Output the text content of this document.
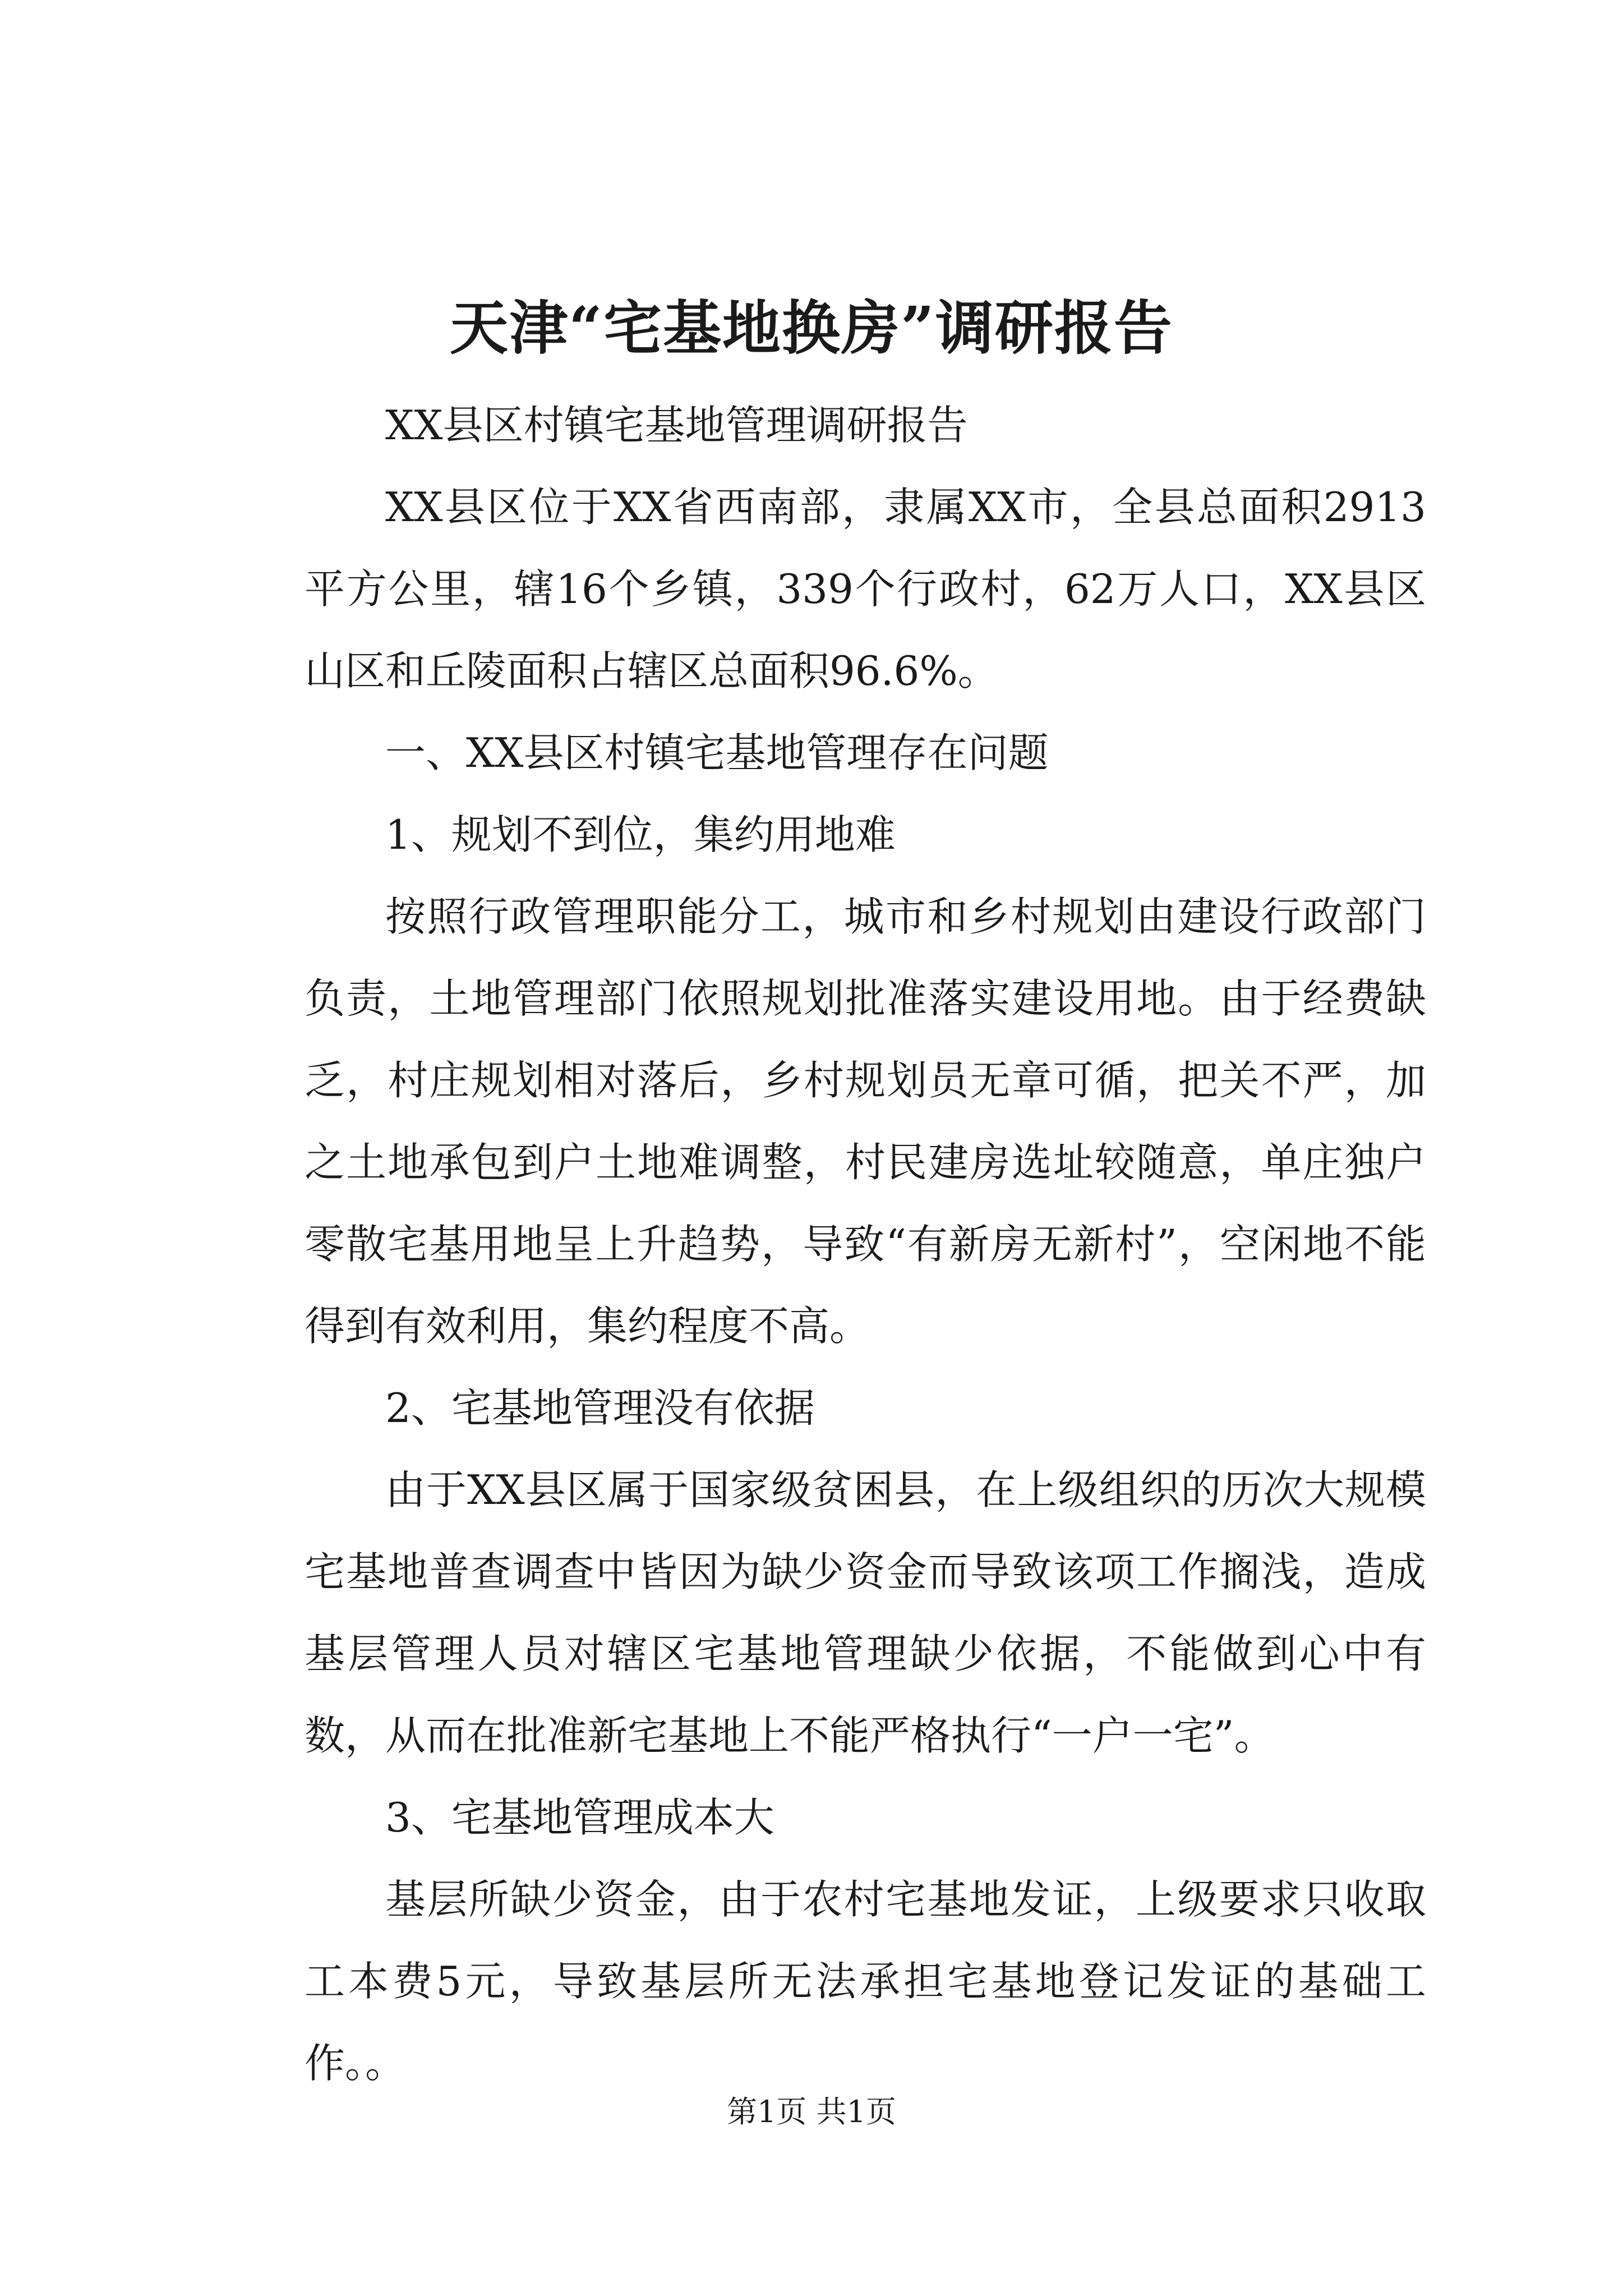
天津“宅基地换房”调研报告

XX县区村镇宅基地管理调研报告

XX县区位于XX省西南部，隶属XX市，全县总面积2913平方公里，辖16个乡镇，339个行政村，62万人口，XX县区山区和丘陵面积占辖区总面积96.6%。

一、XX县区村镇宅基地管理存在问题

1、规划不到位，集约用地难

按照行政管理职能分工，城市和乡村规划由建设行政部门负责，土地管理部门依照规划批准落实建设用地。由于经费缺乏，村庄规划相对落后，乡村规划员无章可循，把关不严，加之土地承包到户土地难调整，村民建房选址较随意，单庄独户零散宅基用地呈上升趋势，导致“有新房无新村”，空闲地不能得到有效利用，集约程度不高。

2、宅基地管理没有依据

由于XX县区属于国家级贫困县，在上级组织的历次大规模宅基地普查调查中皆因为缺少资金而导致该项工作搁浅，造成基层管理人员对辖区宅基地管理缺少依据，不能做到心中有数，从而在批准新宅基地上不能严格执行“一户一宅”。

3、宅基地管理成本大

基层所缺少资金，由于农村宅基地发证，上级要求只收取工本费5元，导致基层所无法承担宅基地登记发证的基础工作。。

第1页 共1页
